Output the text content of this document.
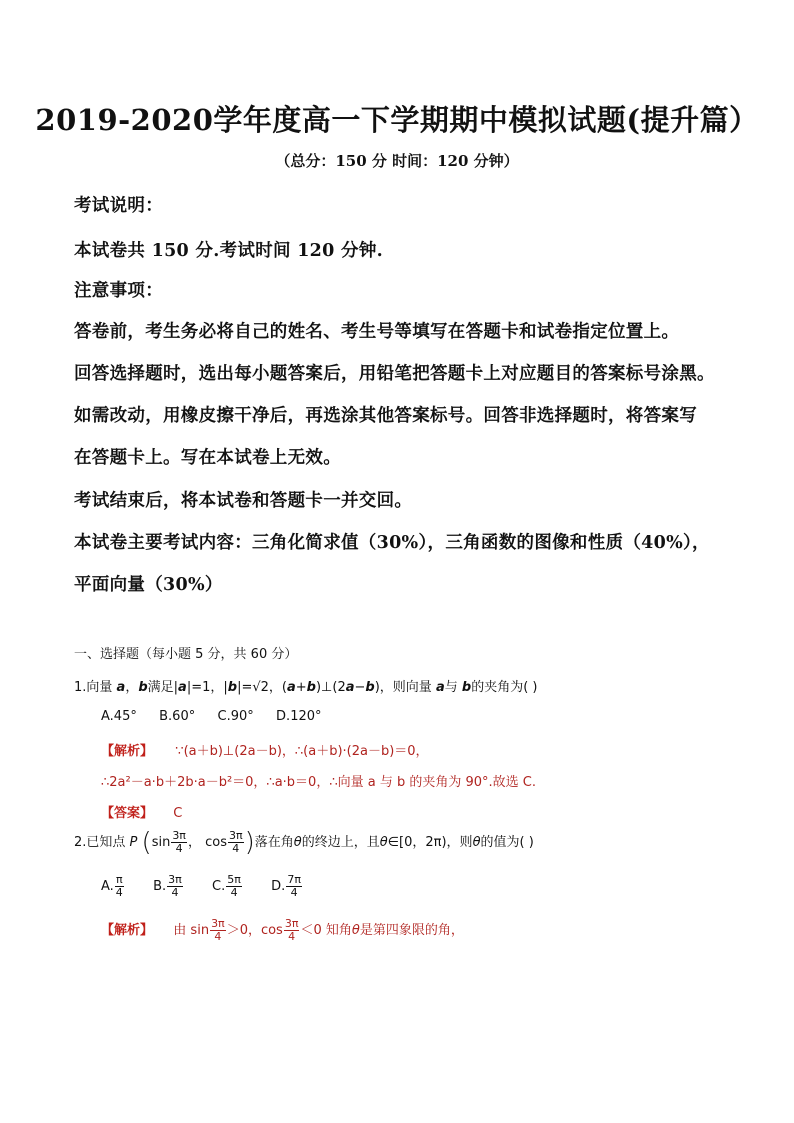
2019-2020学年度高一下学期期中模拟试题(提升篇）
（总分：150 分 时间：120 分钟）
考试说明：
本试卷共 150 分.考试时间 120 分钟.
注意事项：
答卷前，考生务必将自己的姓名、考生号等填写在答题卡和试卷指定位置上。
回答选择题时，选出每小题答案后，用铅笔把答题卡上对应题目的答案标号涂黑。
如需改动，用橡皮擦干净后，再选涂其他答案标号。回答非选择题时，将答案写
在答题卡上。写在本试卷上无效。
考试结束后，将本试卷和答题卡一并交回。
本试卷主要考试内容：三角化简求值（30%），三角函数的图像和性质（40%），
平面向量（30%）
一、选择题（每小题 5 分，共 60 分）
1.向量 a，b满足|a|=1，|b|=√2，(a+b)⊥(2a−b)，则向量 a与 b的夹角为( )
A.45° B.60° C.90° D.120°
【解析】 ∵(a＋b)⊥(2a－b)，∴(a＋b)·(2a－b)＝0，
∴2a²－a·b＋2b·a－b²＝0，∴a·b＝0，∴向量 a 与 b 的夹角为 90°.故选 C.
【答案】 C
2.已知点 P ($\sin \frac{3\pi}{4}$ ， $\cos \frac{3\pi}{4}$ )落在角θ的终边上，且θ∈[0，2π)，则θ的值为( )
A. $\frac{\pi}{4} B$. $\frac{3\pi}{4} C$. $\frac{5\pi}{4} D$. $\frac{7\pi}{4}$
【解析】 由 $\sin \frac{3\pi}{4} >0$，$\cos \frac{3\pi}{4} <0$ 知角θ是第四象限的角，
